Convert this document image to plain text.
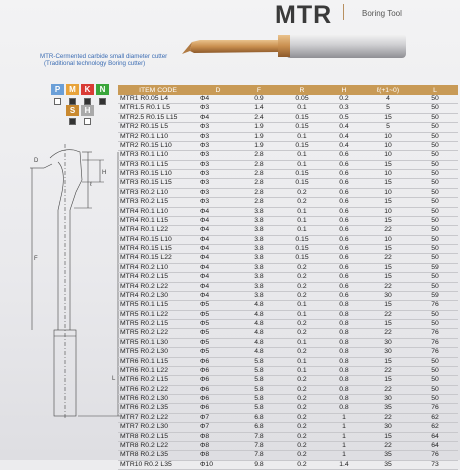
MTR	Boring Tool
MTR-Cermented carbide small diameter cutter
(Traditional technology Boring cutter)
P	M	K	N
S	H
D
ℓ
H
F
L
ITEM CODE	D	F	R	H	ℓ(+1~0)	L
MTR1 R0.05 L4	Φ4	0.9	0.05	0.2	4	50
MTR1.5 R0.1 L5	Φ3	1.4	0.1	0.3	5	50
MTR2.5 R0.15 L15	Φ4	2.4	0.15	0.5	15	50
MTR2 R0.15 L5	Φ3	1.9	0.15	0.4	5	50
MTR2 R0.1 L10	Φ3	1.9	0.1	0.4	10	50
MTR2 R0.15 L10	Φ3	1.9	0.15	0.4	10	50
MTR3 R0.1 L10	Φ3	2.8	0.1	0.6	10	50
MTR3 R0.1 L15	Φ3	2.8	0.1	0.6	15	50
MTR3 R0.15 L10	Φ3	2.8	0.15	0.6	10	50
MTR3 R0.15 L15	Φ3	2.8	0.15	0.6	15	50
MTR3 R0.2 L10	Φ3	2.8	0.2	0.6	10	50
MTR3 R0.2 L15	Φ3	2.8	0.2	0.6	15	50
MTR4 R0.1 L10	Φ4	3.8	0.1	0.6	10	50
MTR4 R0.1 L15	Φ4	3.8	0.1	0.6	15	50
MTR4 R0.1 L22	Φ4	3.8	0.1	0.6	22	50
MTR4 R0.15 L10	Φ4	3.8	0.15	0.6	10	50
MTR4 R0.15 L15	Φ4	3.8	0.15	0.6	15	50
MTR4 R0.15 L22	Φ4	3.8	0.15	0.6	22	50
MTR4 R0.2 L10	Φ4	3.8	0.2	0.6	15	59
MTR4 R0.2 L15	Φ4	3.8	0.2	0.6	15	50
MTR4 R0.2 L22	Φ4	3.8	0.2	0.6	22	50
MTR4 R0.2 L30	Φ4	3.8	0.2	0.6	30	59
MTR5 R0.1 L15	Φ5	4.8	0.1	0.8	15	76
MTR5 R0.1 L22	Φ5	4.8	0.1	0.8	22	50
MTR5 R0.2 L15	Φ5	4.8	0.2	0.8	15	50
MTR5 R0.2 L22	Φ5	4.8	0.2	0.8	22	76
MTR5 R0.1 L30	Φ5	4.8	0.1	0.8	30	76
MTR5 R0.2 L30	Φ5	4.8	0.2	0.8	30	76
MTR6 R0.1 L15	Φ6	5.8	0.1	0.8	15	50
MTR6 R0.1 L22	Φ6	5.8	0.1	0.8	22	50
MTR6 R0.2 L15	Φ6	5.8	0.2	0.8	15	50
MTR6 R0.2 L22	Φ6	5.8	0.2	0.8	22	50
MTR6 R0.2 L30	Φ6	5.8	0.2	0.8	30	50
MTR6 R0.2 L35	Φ6	5.8	0.2	0.8	35	76
MTR7 R0.2 L22	Φ7	6.8	0.2	1	22	62
MTR7 R0.2 L30	Φ7	6.8	0.2	1	30	62
MTR8 R0.2 L15	Φ8	7.8	0.2	1	15	64
MTR8 R0.2 L22	Φ8	7.8	0.2	1	22	64
MTR8 R0.2 L35	Φ8	7.8	0.2	1	35	76
MTR10 R0.2 L35	Φ10	9.8	0.2	1.4	35	73
